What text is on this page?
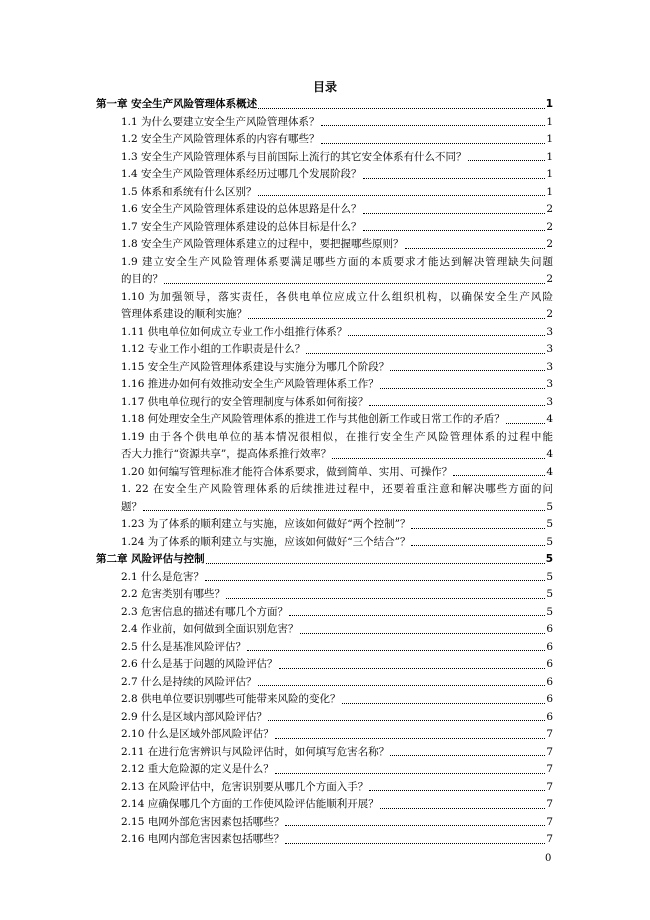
目录
第一章 安全生产风险管理体系概述	1
1.1 为什么要建立安全生产风险管理体系？	1
1.2 安全生产风险管理体系的内容有哪些？	1
1.3 安全生产风险管理体系与目前国际上流行的其它安全体系有什么不同？	1
1.4 安全生产风险管理体系经历过哪几个发展阶段？	1
1.5 体系和系统有什么区别？	1
1.6 安全生产风险管理体系建设的总体思路是什么？	2
1.7 安全生产风险管理体系建设的总体目标是什么？	2
1.8 安全生产风险管理体系建立的过程中，要把握哪些原则？	2
1.9 建立安全生产风险管理体系要满足哪些方面的本质要求才能达到解决管理缺失问题
的目的？	2
1.10 为加强领导，落实责任，各供电单位应成立什么组织机构，以确保安全生产风险
管理体系建设的顺利实施？	2
1.11 供电单位如何成立专业工作小组推行体系？	3
1.12 专业工作小组的工作职责是什么？	3
1.15 安全生产风险管理体系建设与实施分为哪几个阶段？	3
1.16 推进办如何有效推动安全生产风险管理体系工作？	3
1.17 供电单位现行的安全管理制度与体系如何衔接？	3
1.18 何处理安全生产风险管理体系的推进工作与其他创新工作或日常工作的矛盾？	4
1.19 由于各个供电单位的基本情况很相似，在推行安全生产风险管理体系的过程中能
否大力推行“资源共享”，提高体系推行效率？	4
1.20 如何编写管理标准才能符合体系要求，做到简单、实用、可操作？	4
1. 22 在安全生产风险管理体系的后续推进过程中，还要着重注意和解决哪些方面的问
题？	5
1.23 为了体系的顺利建立与实施，应该如何做好“两个控制”？	5
1.24 为了体系的顺利建立与实施，应该如何做好“三个结合”？	5
第二章 风险评估与控制	5
2.1 什么是危害？	5
2.2 危害类别有哪些？	5
2.3 危害信息的描述有哪几个方面？	5
2.4 作业前，如何做到全面识别危害？	6
2.5 什么是基准风险评估？	6
2.6 什么是基于问题的风险评估？	6
2.7 什么是持续的风险评估？	6
2.8 供电单位要识别哪些可能带来风险的变化？	6
2.9 什么是区域内部风险评估？	6
2.10 什么是区域外部风险评估？	7
2.11 在进行危害辨识与风险评估时，如何填写危害名称？	7
2.12 重大危险源的定义是什么？	7
2.13 在风险评估中，危害识别要从哪几个方面入手？	7
2.14 应确保哪几个方面的工作使风险评估能顺利开展？	7
2.15 电网外部危害因素包括哪些？	7
2.16 电网内部危害因素包括哪些？	7
0
